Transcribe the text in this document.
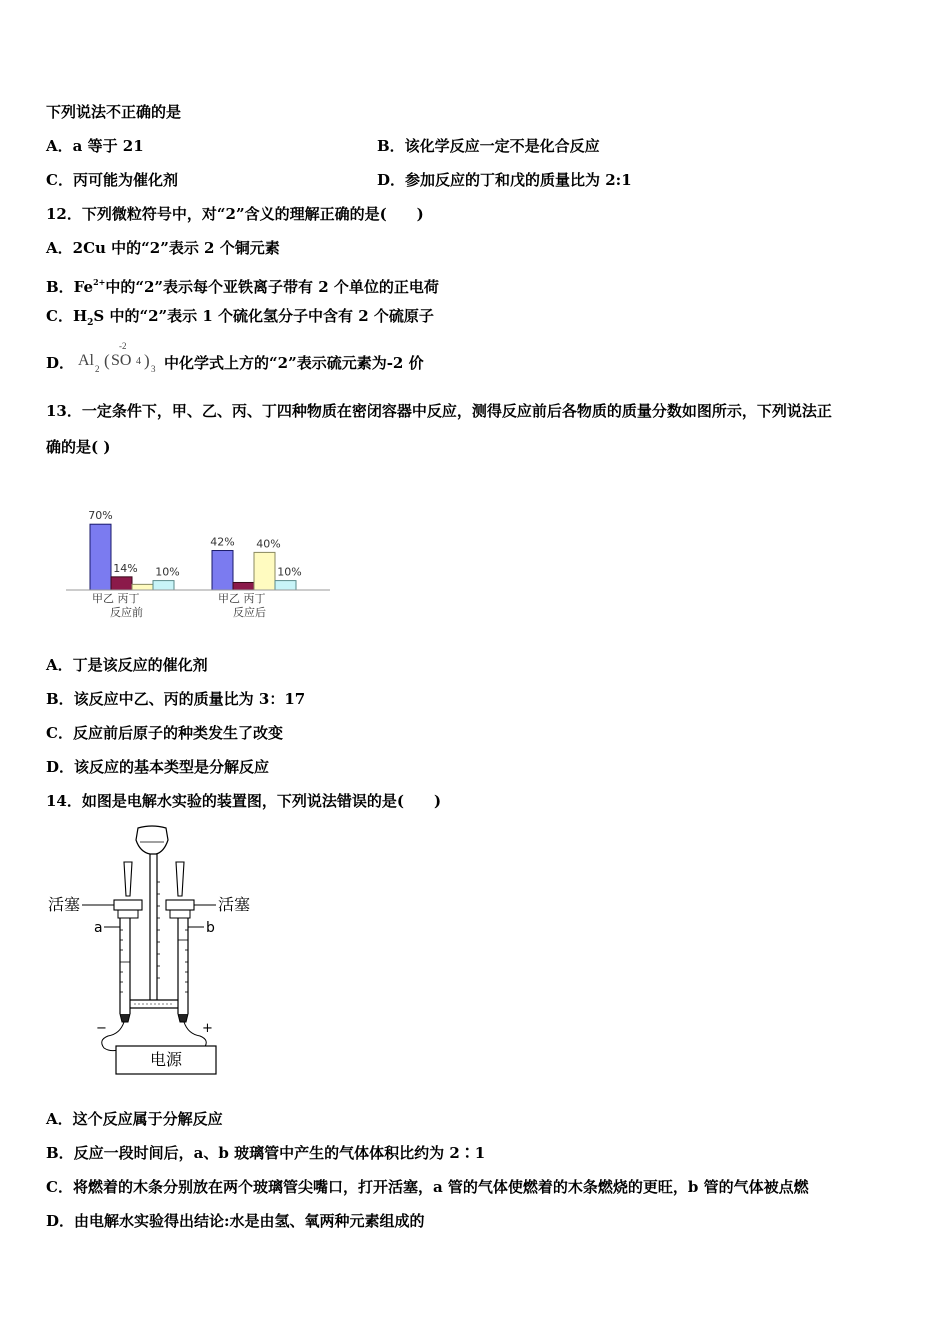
下列说法不正确的是
A．a 等于 21	B．该化学反应一定不是化合反应
C．丙可能为催化剂	D．参加反应的丁和戊的质量比为 2:1
12．下列微粒符号中，对“2”含义的理解正确的是(　　)
A．2Cu 中的“2”表示 2 个铜元素
B．$Fe^{2+}$中的“2”表示每个亚铁离子带有 2 个单位的正电荷
C．$H_2S$ 中的“2”表示 1 个硫化氢分子中含有 2 个硫原子
D． Al 2 ( SO
-2
4 ) 3 中化学式上方的“2”表示硫元素为-2 价
13．一定条件下，甲、乙、丙、丁四种物质在密闭容器中反应，测得反应前后各物质的质量分数如图所示，下列说法正
确的是( )
70%
14% 10%
42% 40%
10%
甲乙 丙丁	甲乙 丙丁
反应前	反应后
A．丁是该反应的催化剂
B．该反应中乙、丙的质量比为 3：17
C．反应前后原子的种类发生了改变
D．该反应的基本类型是分解反应
14．如图是电解水实验的装置图，下列说法错误的是(　　)
电源
活塞	活塞
a	b
−	+
A．这个反应属于分解反应
B．反应一段时间后，a、b 玻璃管中产生的气体体积比约为 2∶1
C．将燃着的木条分别放在两个玻璃管尖嘴口，打开活塞，a 管的气体使燃着的木条燃烧的更旺，b 管的气体被点燃
D．由电解水实验得出结论:水是由氢、氧两种元素组成的
